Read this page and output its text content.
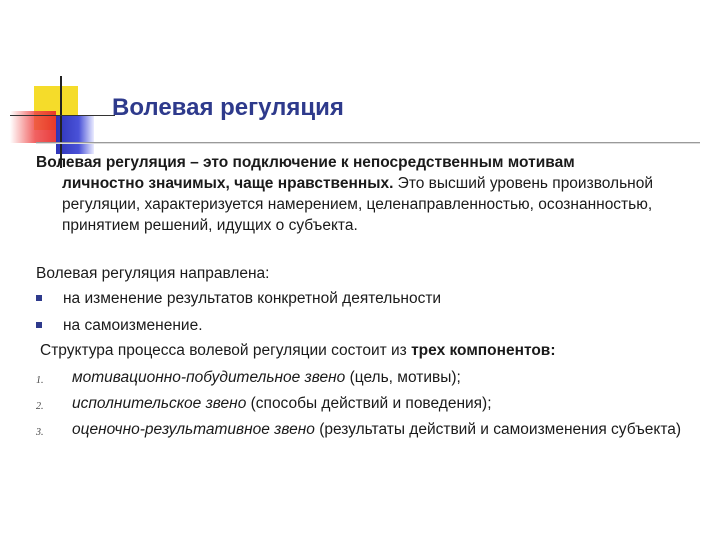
Волевая регуляция

Волевая регуляция – это подключение к непосредственным мотивам
личностно значимых, чаще нравственных. Это высший уровень произвольной регуляции, характеризуется намерением, целенаправленностью, осознанностью, принятием решений, идущих о субъекта.

Волевая регуляция направлена:

на изменение результатов конкретной деятельности
на самоизменение.

Структура процесса волевой регуляции состоит из трех компонентов:

1. мотивационно-побудительное звено (цель, мотивы);
2. исполнительское звено (способы действий и поведения);
3. оценочно-результативное звено (результаты действий и самоизменения субъекта)
